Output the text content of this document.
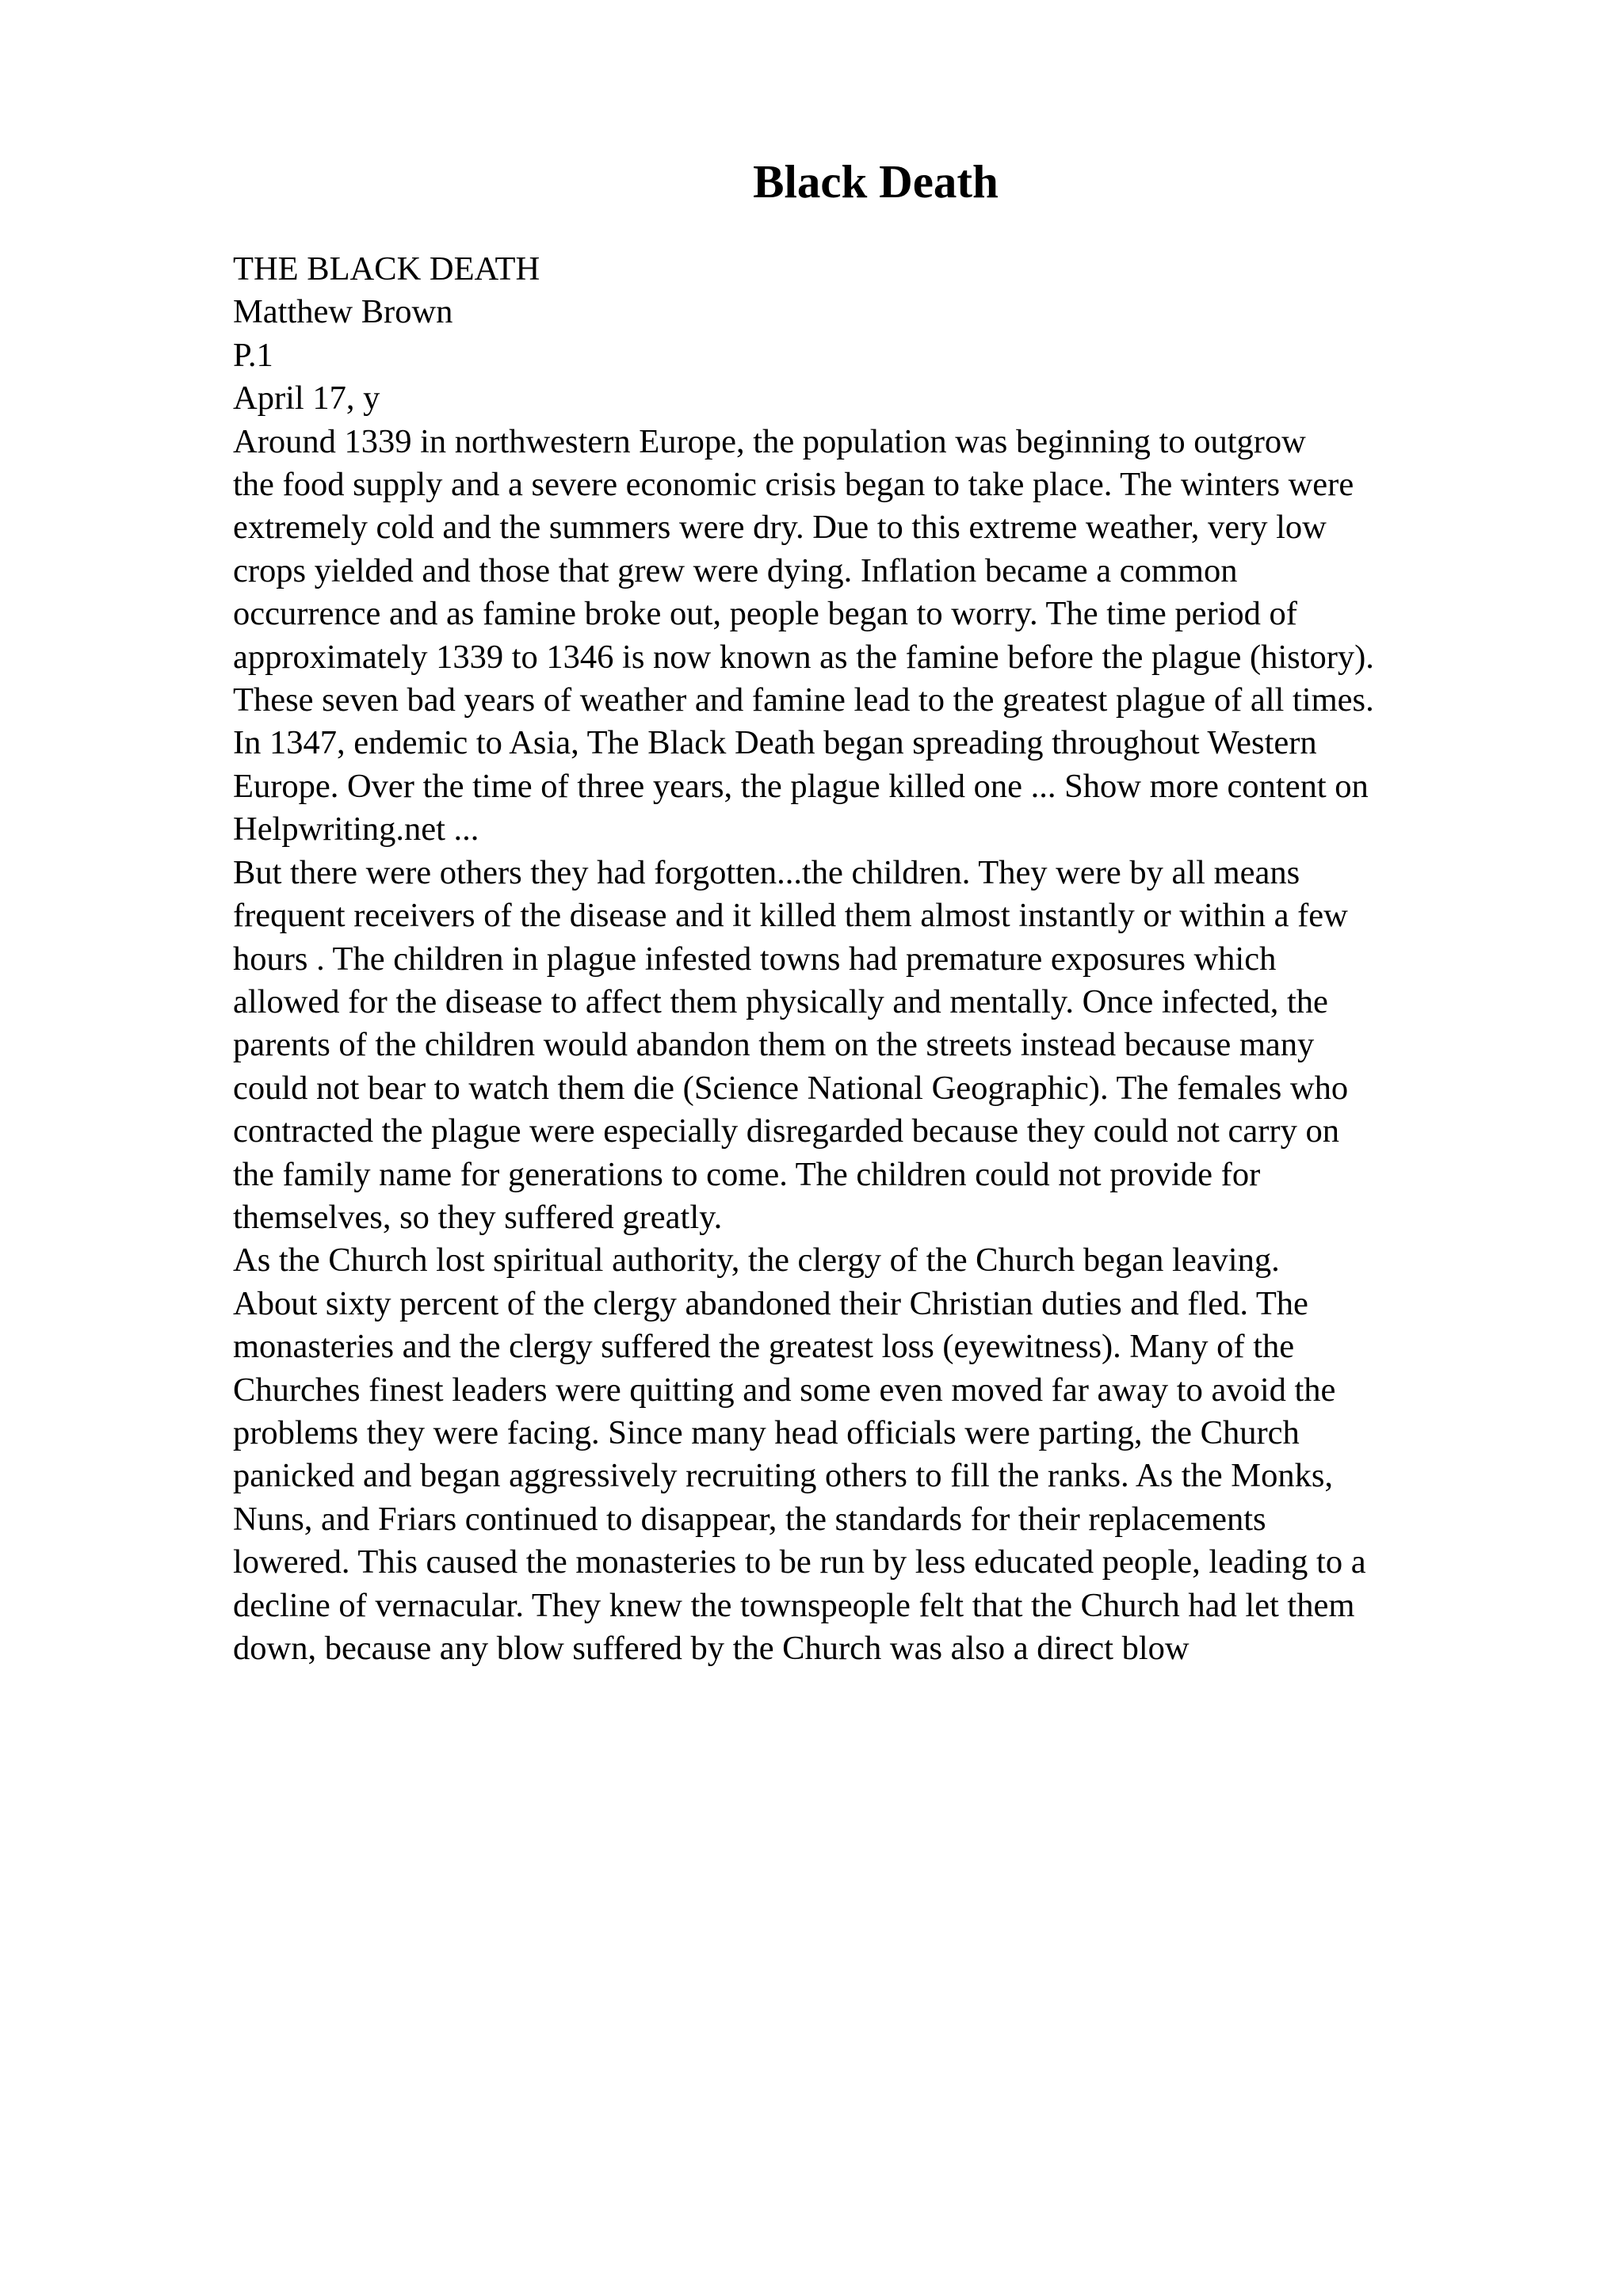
Black Death
THE BLACK DEATH
Matthew Brown
P.1
April 17, y
Around 1339 in northwestern Europe, the population was beginning to outgrow
the food supply and a severe economic crisis began to take place. The winters were
extremely cold and the summers were dry. Due to this extreme weather, very low
crops yielded and those that grew were dying. Inflation became a common
occurrence and as famine broke out, people began to worry. The time period of
approximately 1339 to 1346 is now known as the famine before the plague (history).
These seven bad years of weather and famine lead to the greatest plague of all times.
In 1347, endemic to Asia, The Black Death began spreading throughout Western
Europe. Over the time of three years, the plague killed one ... Show more content on
Helpwriting.net ...
But there were others they had forgotten...the children. They were by all means
frequent receivers of the disease and it killed them almost instantly or within a few
hours . The children in plague infested towns had premature exposures which
allowed for the disease to affect them physically and mentally. Once infected, the
parents of the children would abandon them on the streets instead because many
could not bear to watch them die (Science National Geographic). The females who
contracted the plague were especially disregarded because they could not carry on
the family name for generations to come. The children could not provide for
themselves, so they suffered greatly.
As the Church lost spiritual authority, the clergy of the Church began leaving.
About sixty percent of the clergy abandoned their Christian duties and fled. The
monasteries and the clergy suffered the greatest loss (eyewitness). Many of the
Churches finest leaders were quitting and some even moved far away to avoid the
problems they were facing. Since many head officials were parting, the Church
panicked and began aggressively recruiting others to fill the ranks. As the Monks,
Nuns, and Friars continued to disappear, the standards for their replacements
lowered. This caused the monasteries to be run by less educated people, leading to a
decline of vernacular. They knew the townspeople felt that the Church had let them
down, because any blow suffered by the Church was also a direct blow
